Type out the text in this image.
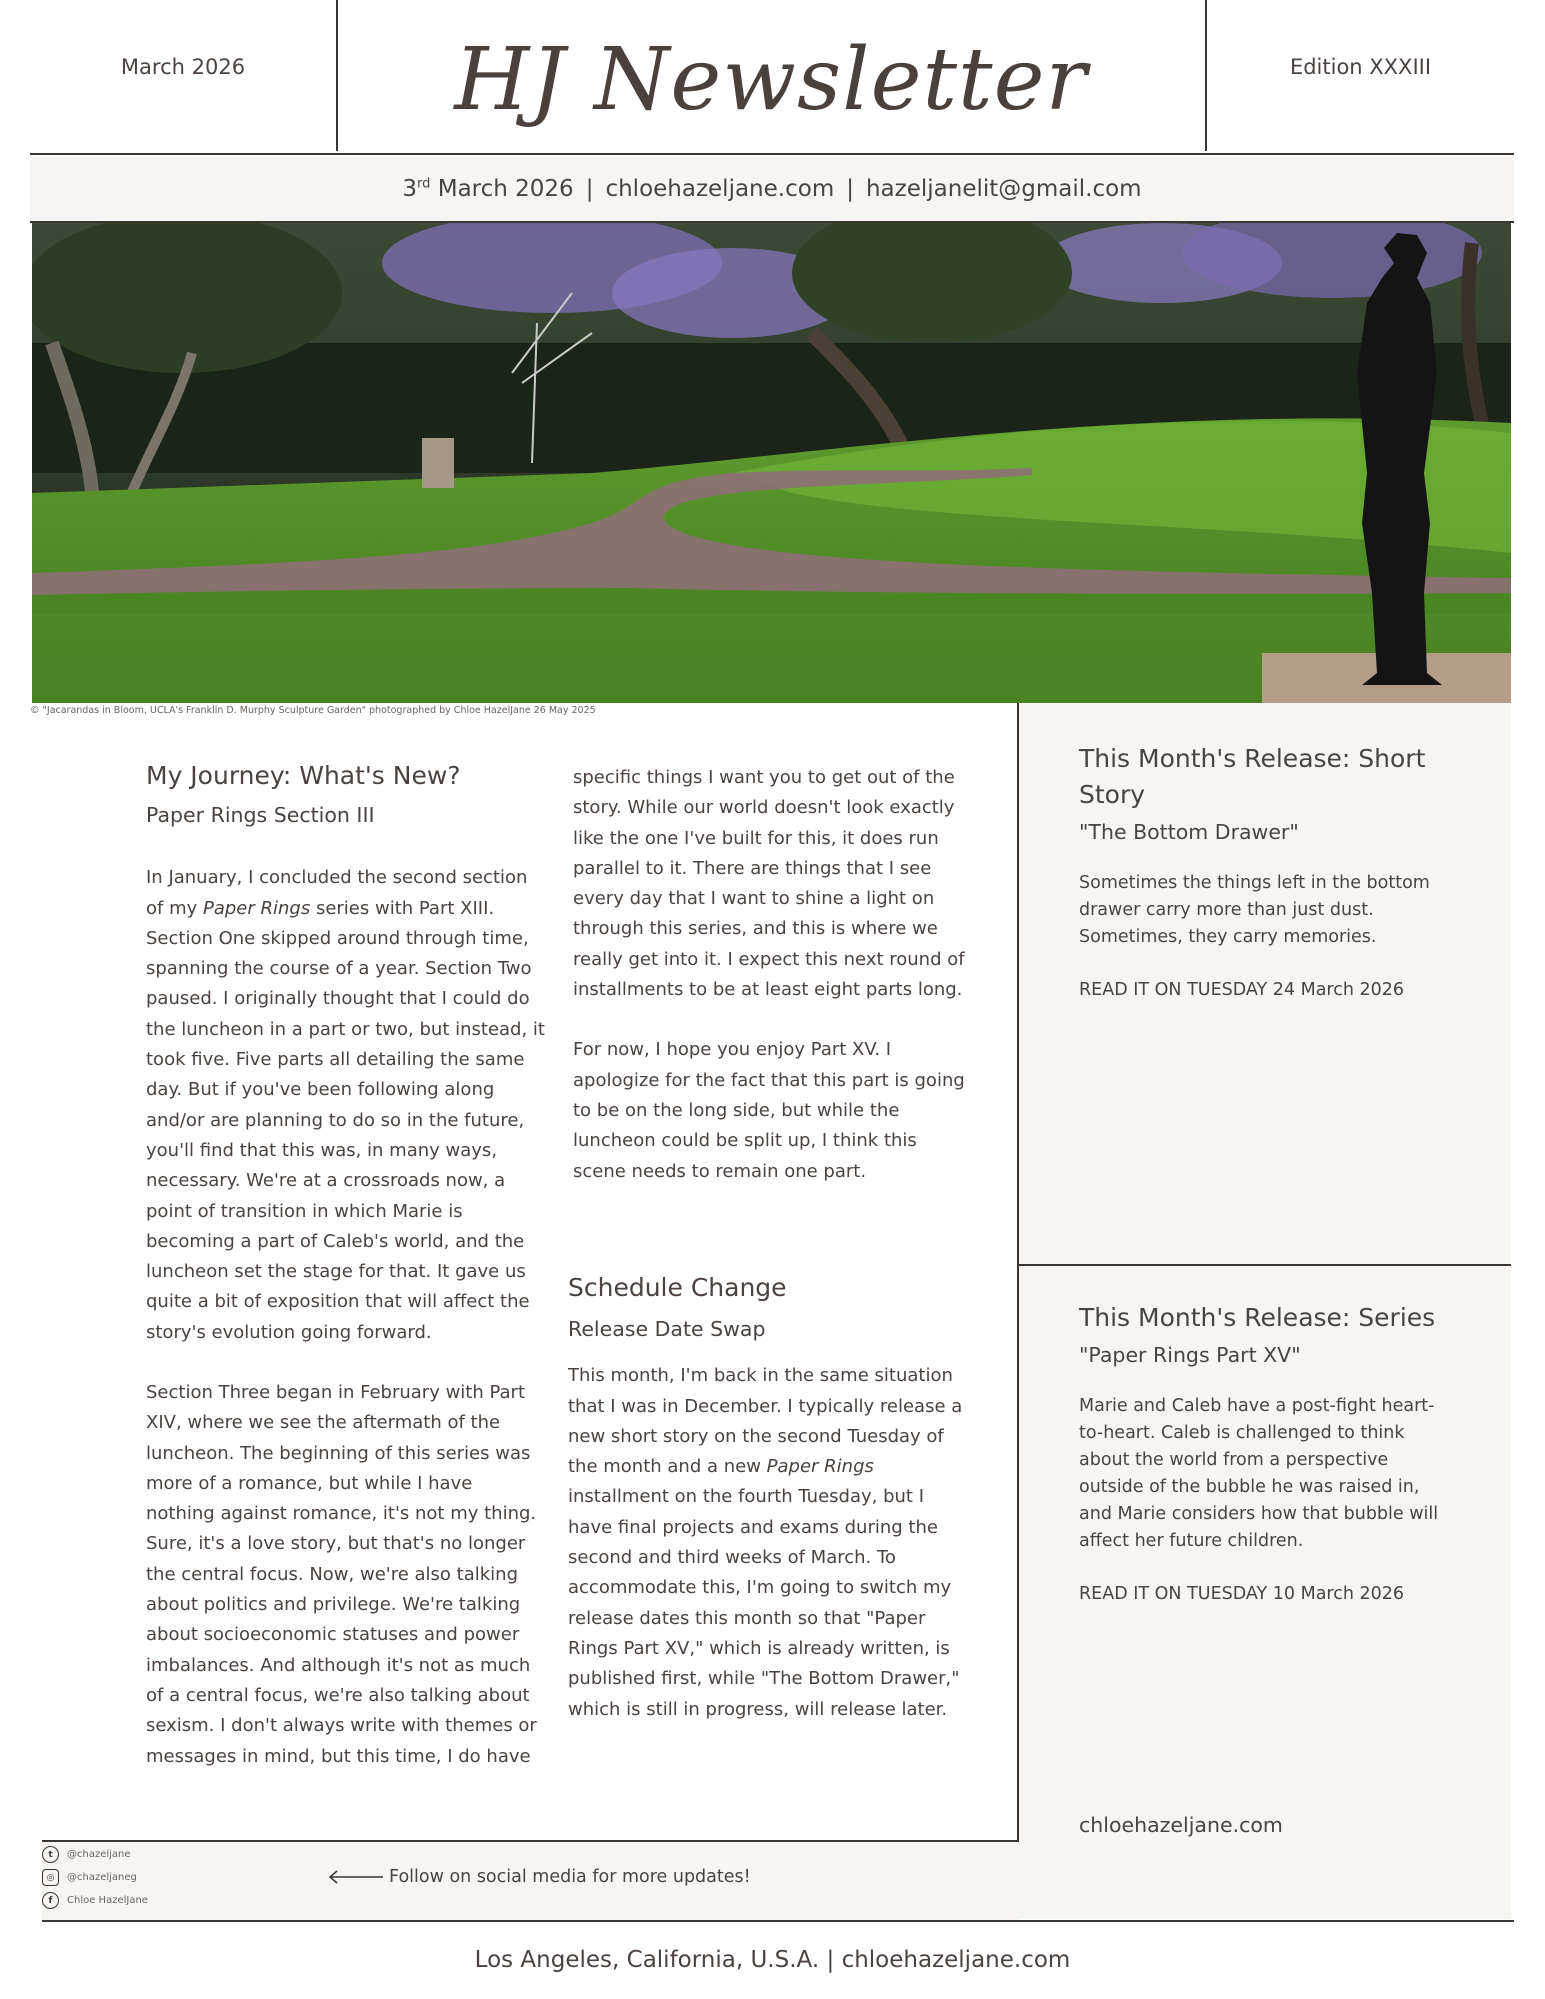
March 2026	HJ Newsletter	Edition XXXIII
3rd March 2026 | chloehazeljane.com | hazeljanelit@gmail.com
© "Jacarandas in Bloom, UCLA's Franklin D. Murphy Sculpture Garden" photographed by Chloe HazelJane 26 May 2025
This Month's Release: Short Story
"The Bottom Drawer"
Sometimes the things left in the bottom drawer carry more than just dust. Sometimes, they carry memories.
READ IT ON TUESDAY 24 March 2026
This Month's Release: Series
"Paper Rings Part XV"
Marie and Caleb have a post-fight heart-to-heart. Caleb is challenged to think about the world from a perspective outside of the bubble he was raised in, and Marie considers how that bubble will affect her future children.
READ IT ON TUESDAY 10 March 2026
chloehazeljane.com
My Journey: What's New?
Paper Rings Section III

In January, I concluded the second section of my Paper Rings series with Part XIII. Section One skipped around through time, spanning the course of a year. Section Two paused. I originally thought that I could do the luncheon in a part or two, but instead, it took five. Five parts all detailing the same day. But if you've been following along and/or are planning to do so in the future, you'll find that this was, in many ways, necessary. We're at a crossroads now, a point of transition in which Marie is becoming a part of Caleb's world, and the luncheon set the stage for that. It gave us quite a bit of exposition that will affect the story's evolution going forward.

Section Three began in February with Part XIV, where we see the aftermath of the luncheon. The beginning of this series was more of a romance, but while I have nothing against romance, it's not my thing. Sure, it's a love story, but that's no longer the central focus. Now, we're also talking about politics and privilege. We're talking about socioeconomic statuses and power imbalances. And although it's not as much of a central focus, we're also talking about sexism. I don't always write with themes or messages in mind, but this time, I do have

specific things I want you to get out of the story. While our world doesn't look exactly like the one I've built for this, it does run parallel to it. There are things that I see every day that I want to shine a light on through this series, and this is where we really get into it. I expect this next round of installments to be at least eight parts long.

For now, I hope you enjoy Part XV. I apologize for the fact that this part is going to be on the long side, but while the luncheon could be split up, I think this scene needs to remain one part.

Schedule Change
Release Date Swap

This month, I'm back in the same situation that I was in December. I typically release a new short story on the second Tuesday of the month and a new Paper Rings installment on the fourth Tuesday, but I have final projects and exams during the second and third weeks of March. To accommodate this, I'm going to switch my release dates this month so that "Paper Rings Part XV," which is already written, is published first, while "The Bottom Drawer," which is still in progress, will release later.

t	@chazeljane
◎	@chazeljaneg
f	Chloe HazelJane
Follow on social media for more updates!
Los Angeles, California, U.S.A. | chloehazeljane.com
